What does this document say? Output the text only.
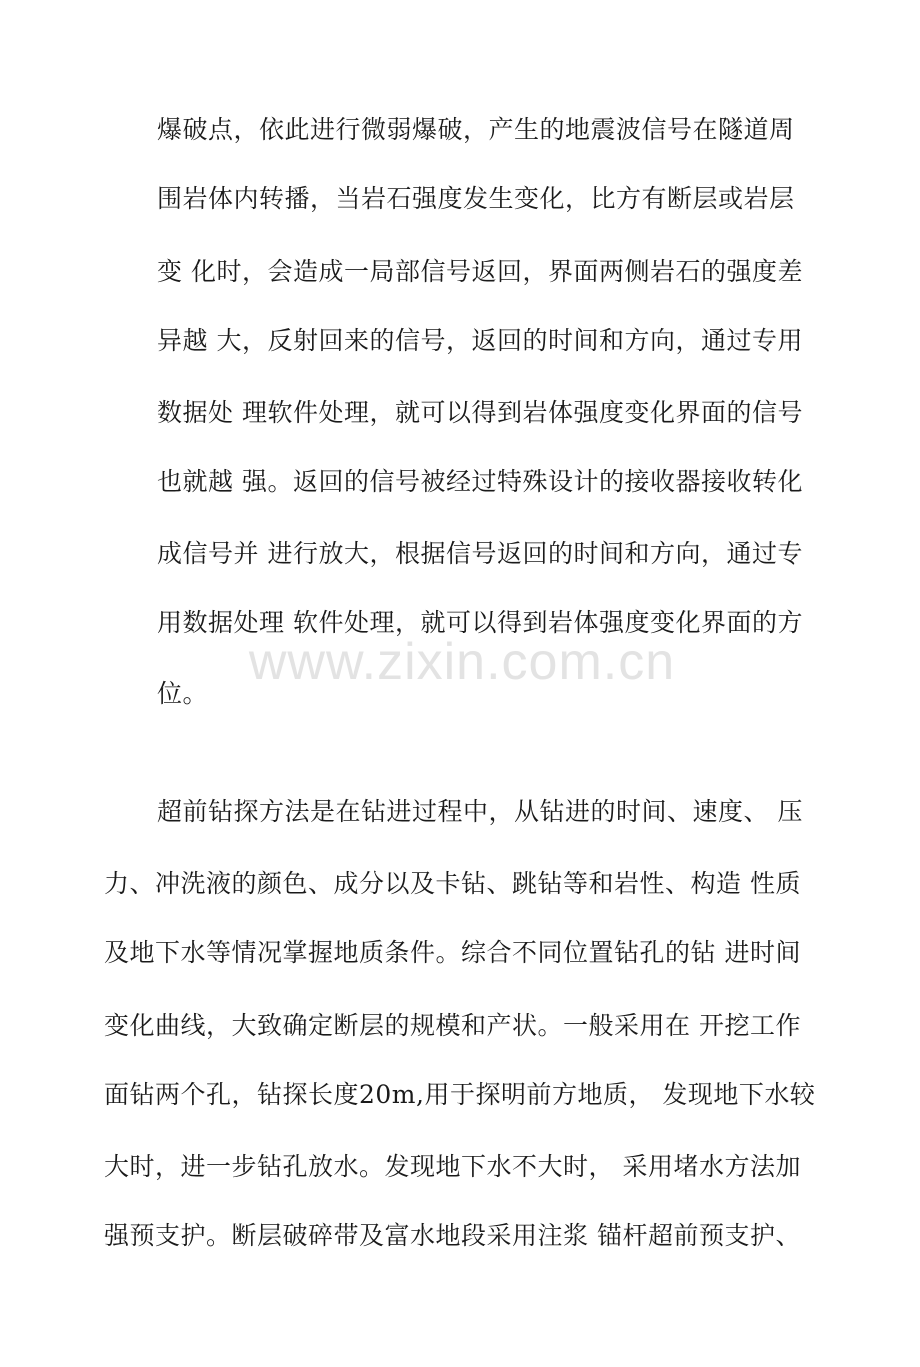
www.zixin.com.cn
爆破点，依此进行微弱爆破，产生的地震波信号在隧道周
围岩体内转播，当岩石强度发生变化，比方有断层或岩层
变 化时，会造成一局部信号返回，界面两侧岩石的强度差
异越 大，反射回来的信号，返回的时间和方向，通过专用
数据处 理软件处理，就可以得到岩体强度变化界面的信号
也就越 强。返回的信号被经过特殊设计的接收器接收转化
成信号并 进行放大，根据信号返回的时间和方向，通过专
用数据处理 软件处理，就可以得到岩体强度变化界面的方
位。
超前钻探方法是在钻进过程中，从钻进的时间、速度、 压
力、冲洗液的颜色、成分以及卡钻、跳钻等和岩性、构造 性质
及地下水等情况掌握地质条件。综合不同位置钻孔的钻 进时间
变化曲线，大致确定断层的规模和产状。一般采用在 开挖工作
面钻两个孔，钻探长度20m,用于探明前方地质， 发现地下水较
大时，进一步钻孔放水。发现地下水不大时， 采用堵水方法加
强预支护。断层破碎带及富水地段采用注浆 锚杆超前预支护、
